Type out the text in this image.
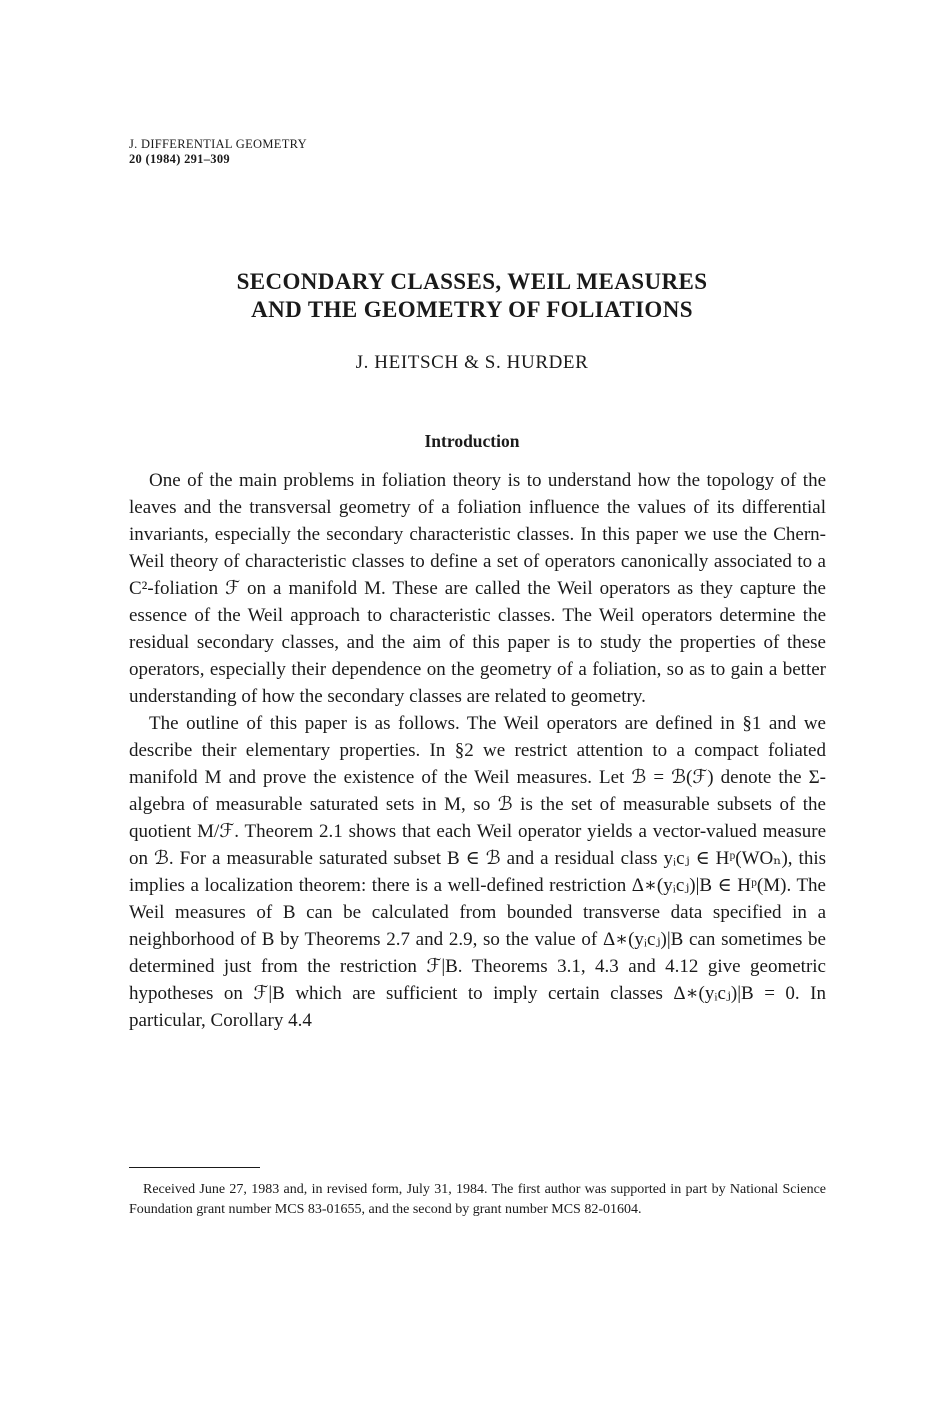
J. DIFFERENTIAL GEOMETRY
20 (1984) 291–309
SECONDARY CLASSES, WEIL MEASURES
AND THE GEOMETRY OF FOLIATIONS
J. HEITSCH & S. HURDER
Introduction

One of the main problems in foliation theory is to understand how the topology of the leaves and the transversal geometry of a foliation influence the values of its differential invariants, especially the secondary characteristic classes. In this paper we use the Chern-Weil theory of characteristic classes to define a set of operators canonically associated to a C²-foliation ℱ on a manifold M. These are called the Weil operators as they capture the essence of the Weil approach to characteristic classes. The Weil operators determine the residual secondary classes, and the aim of this paper is to study the properties of these operators, especially their dependence on the geometry of a foliation, so as to gain a better understanding of how the secondary classes are related to geometry.

The outline of this paper is as follows. The Weil operators are defined in §1 and we describe their elementary properties. In §2 we restrict attention to a compact foliated manifold M and prove the existence of the Weil measures. Let ℬ = ℬ(ℱ) denote the Σ-algebra of measurable saturated sets in M, so ℬ is the set of measurable subsets of the quotient M/ℱ. Theorem 2.1 shows that each Weil operator yields a vector-valued measure on ℬ. For a measurable saturated subset B ∈ ℬ and a residual class yᵢcⱼ ∈ Hᵖ(WOₙ), this implies a localization theorem: there is a well-defined restriction Δ∗(yᵢcⱼ)|B ∈ Hᵖ(M). The Weil measures of B can be calculated from bounded transverse data specified in a neighborhood of B by Theorems 2.7 and 2.9, so the value of Δ∗(yᵢcⱼ)|B can sometimes be determined just from the restriction ℱ|B. Theorems 3.1, 4.3 and 4.12 give geometric hypotheses on ℱ|B which are sufficient to imply certain classes Δ∗(yᵢcⱼ)|B = 0. In particular, Corollary 4.4

Received June 27, 1983 and, in revised form, July 31, 1984. The first author was supported in part by National Science Foundation grant number MCS 83-01655, and the second by grant number MCS 82-01604.
